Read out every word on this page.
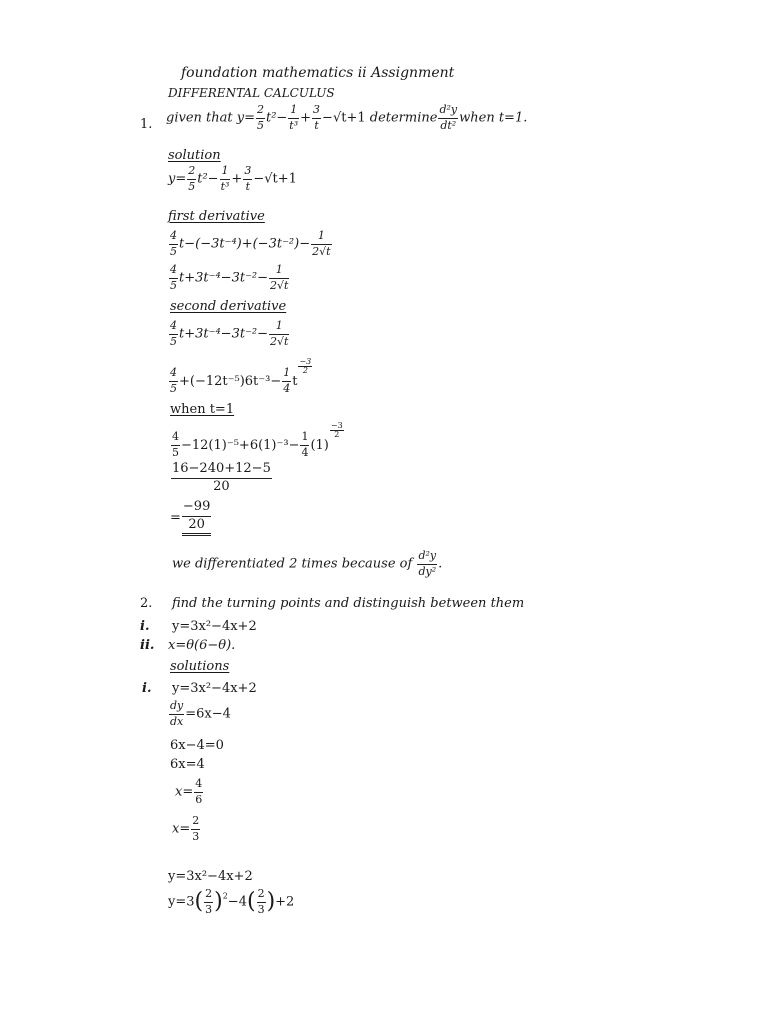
foundation mathematics ii Assignment
DIFFERENTAL CALCULUS
1. given that $y= \frac{2}{5} t^2- \frac{1}{\text{t³}} + \frac{3}{t} -√t+1$ determine $\frac{\text{d²y}}{\text{dt²}}$ when t=1.
solution
$y= \frac{2}{5} t^2- \frac{1}{\text{t³}} + \frac{3}{t} -√t+1$
first derivative
$\frac{4}{5} t-(-3t^{-4})+(-3t^{-2})- \frac{1}{2√t}$
$\frac{4}{5} t+3t^{-4}-3t^{-2}- \frac{1}{2√t}$
second derivative
$\frac{4}{5} t+3t^{-4}-3t^{-2}- \frac{1}{2√t}$
$\frac{4}{5} +(-12t^{-5})6t^{-3}- \frac{1}{4}$ t
$\frac{-3}{2}$
when t=1
$\frac{4}{5} -12(1)^{-5}+6(1)^{-3}- \frac{1}{4} (1)$
$\frac{-3}{2}$
$\frac{16-240+12-5}{20}$
= $\frac{-99}{20}$
we differentiated 2 times because of $\frac{\text{d²y}}{\text{dy²}}$ .
2. find the turning points and distinguish between them
i. y=3x²−4x+2
ii. x=θ(6−θ).
solutions
i. y=3x²−4x+2
$\frac{dy}{dx} =6x-4$
6x−4=0
6x=4
$x= \frac{4}{6}$
$x= \frac{2}{3}$
y=3x²−4x+2
$y=3( \frac{2}{3} )^2-4( \frac{2}{3} )+2$
